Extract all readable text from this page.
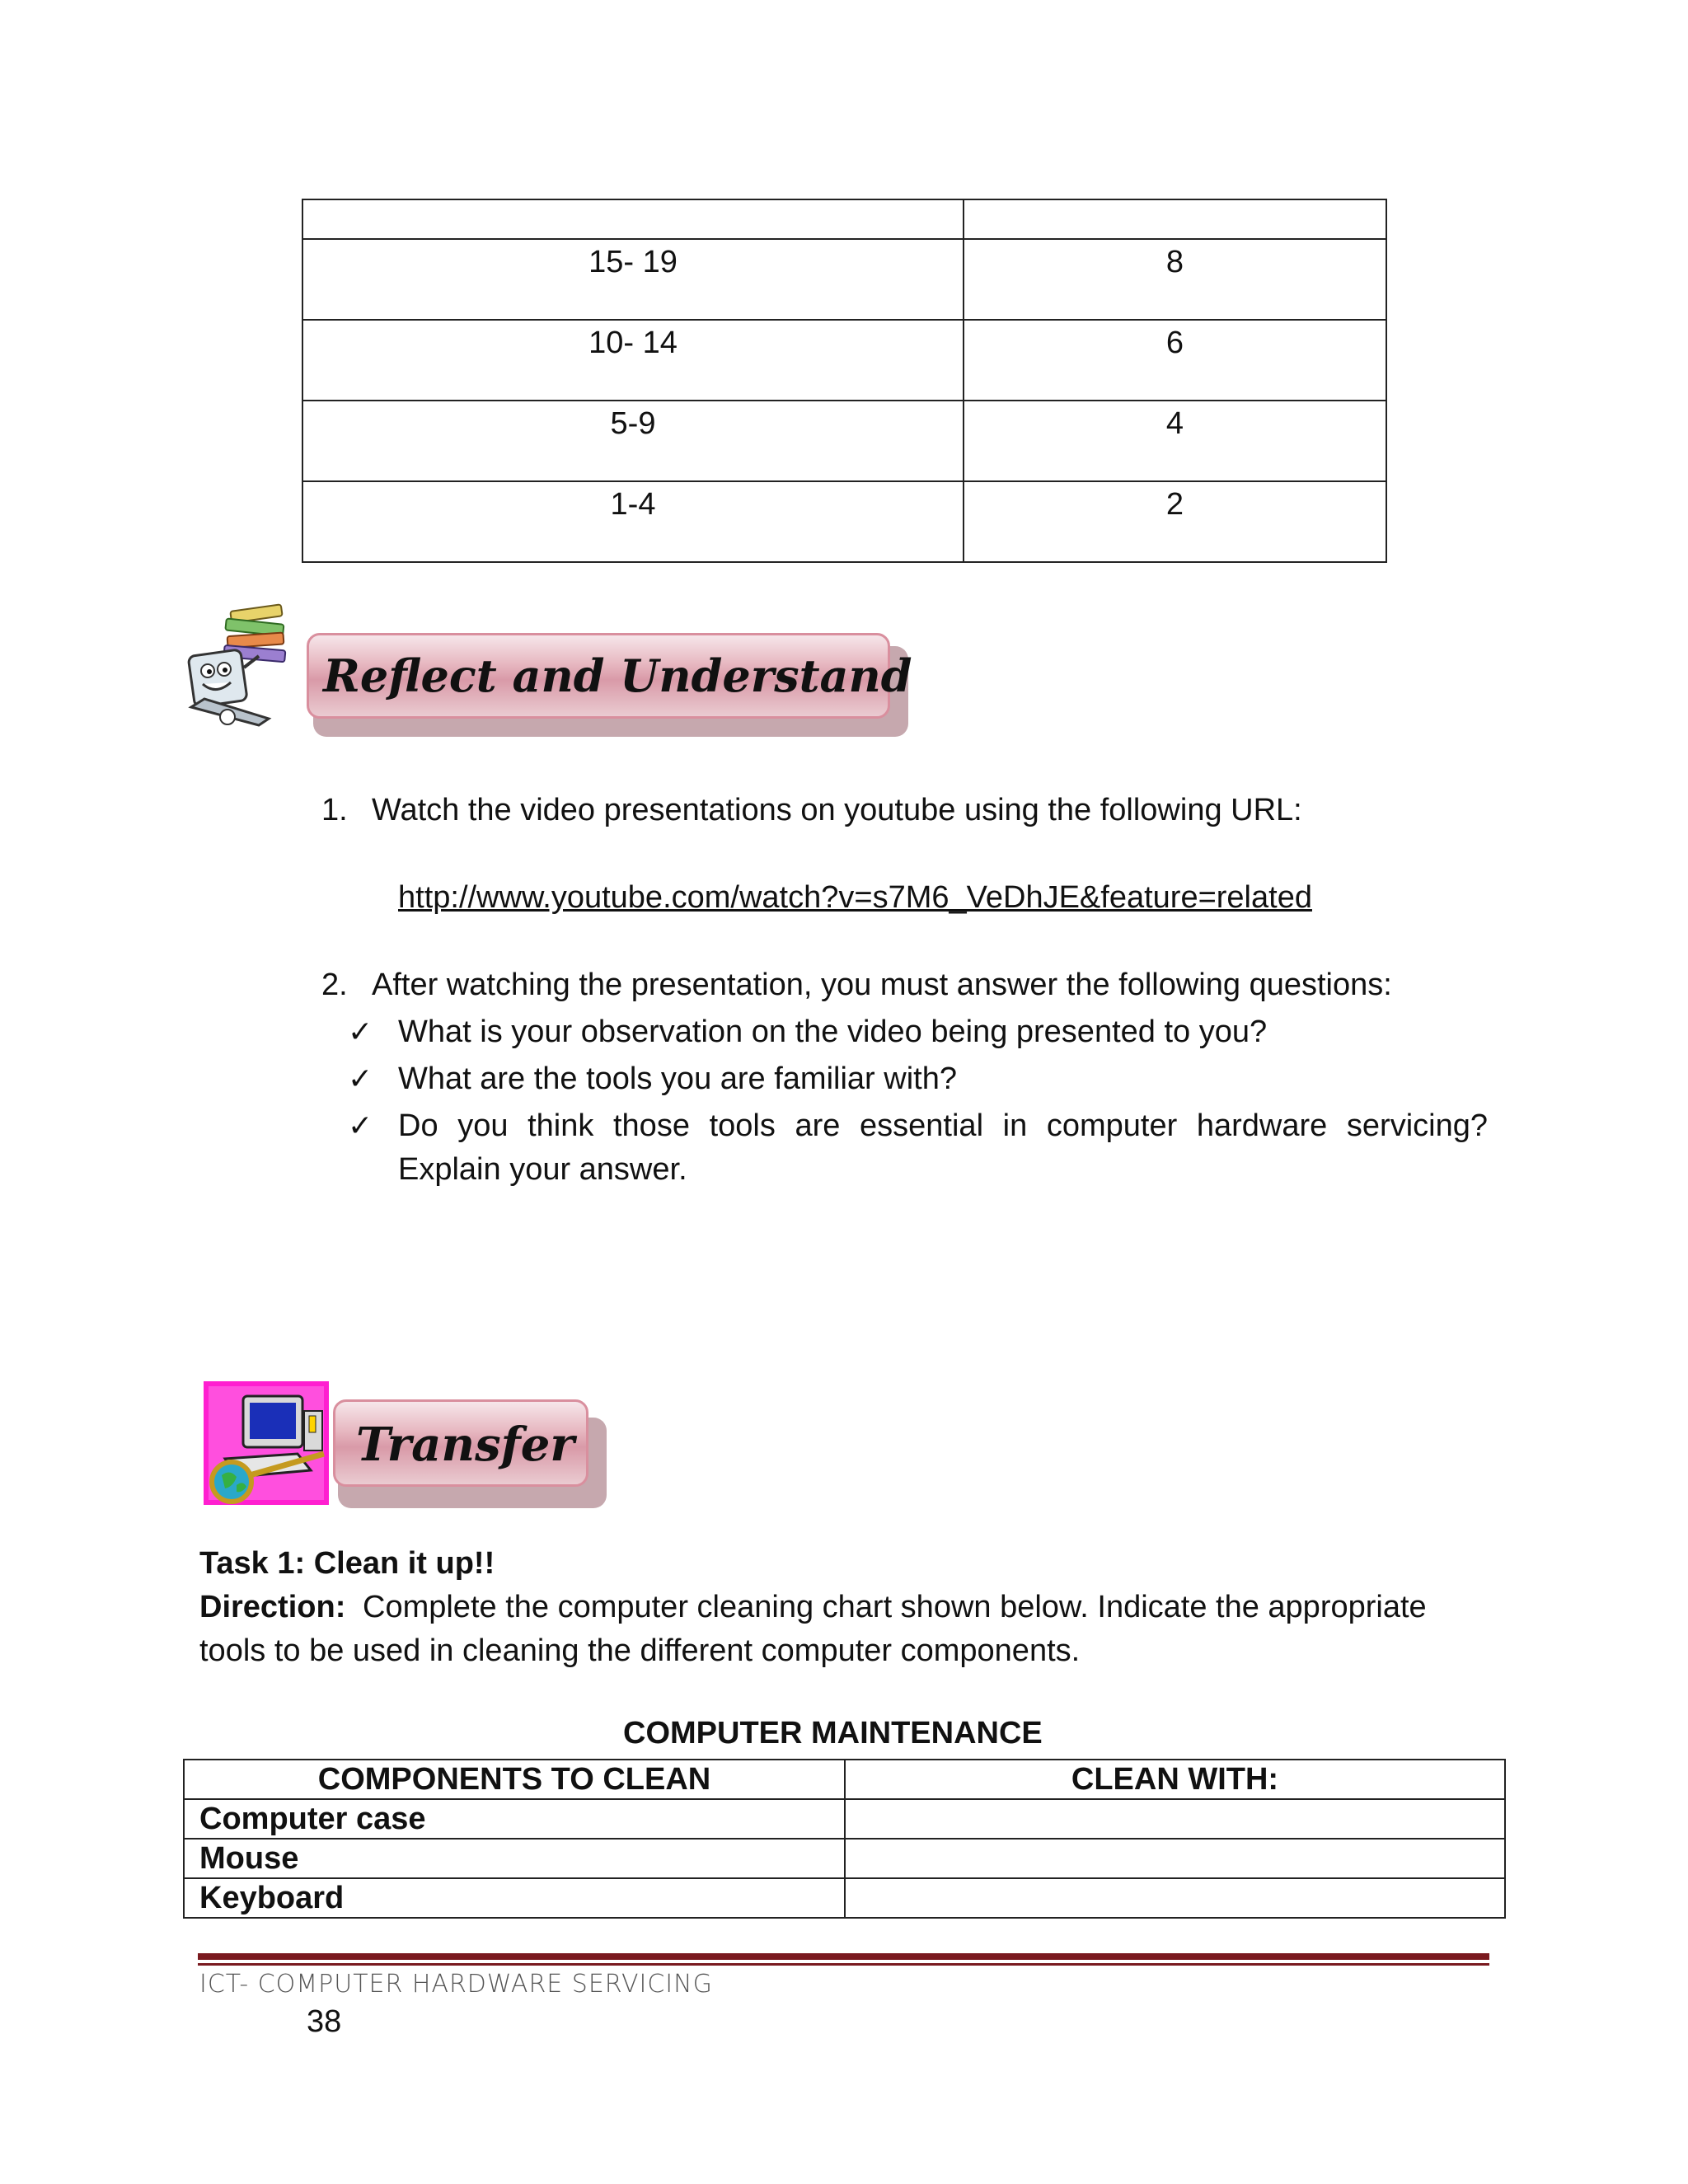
15- 19	8
10- 14	6
5-9	4
1-4	2
Reflect and Understand
1. Watch the video presentations on youtube using the following URL:
http://www.youtube.com/watch?v=s7M6_VeDhJE&feature=related
2. After watching the presentation, you must answer the following questions:
✓ What is your observation on the video being presented to you?
✓ What are the tools you are familiar with?
✓ Do you think those tools are essential in computer hardware servicing?
Explain your answer.
Transfer
Task 1: Clean it up!!
Direction: Complete the computer cleaning chart shown below. Indicate the appropriate
tools to be used in cleaning the different computer components.
COMPUTER MAINTENANCE
COMPONENTS TO CLEAN	CLEAN WITH:
Computer case	
Mouse	
Keyboard	
ICT- COMPUTER HARDWARE SERVICING
38
